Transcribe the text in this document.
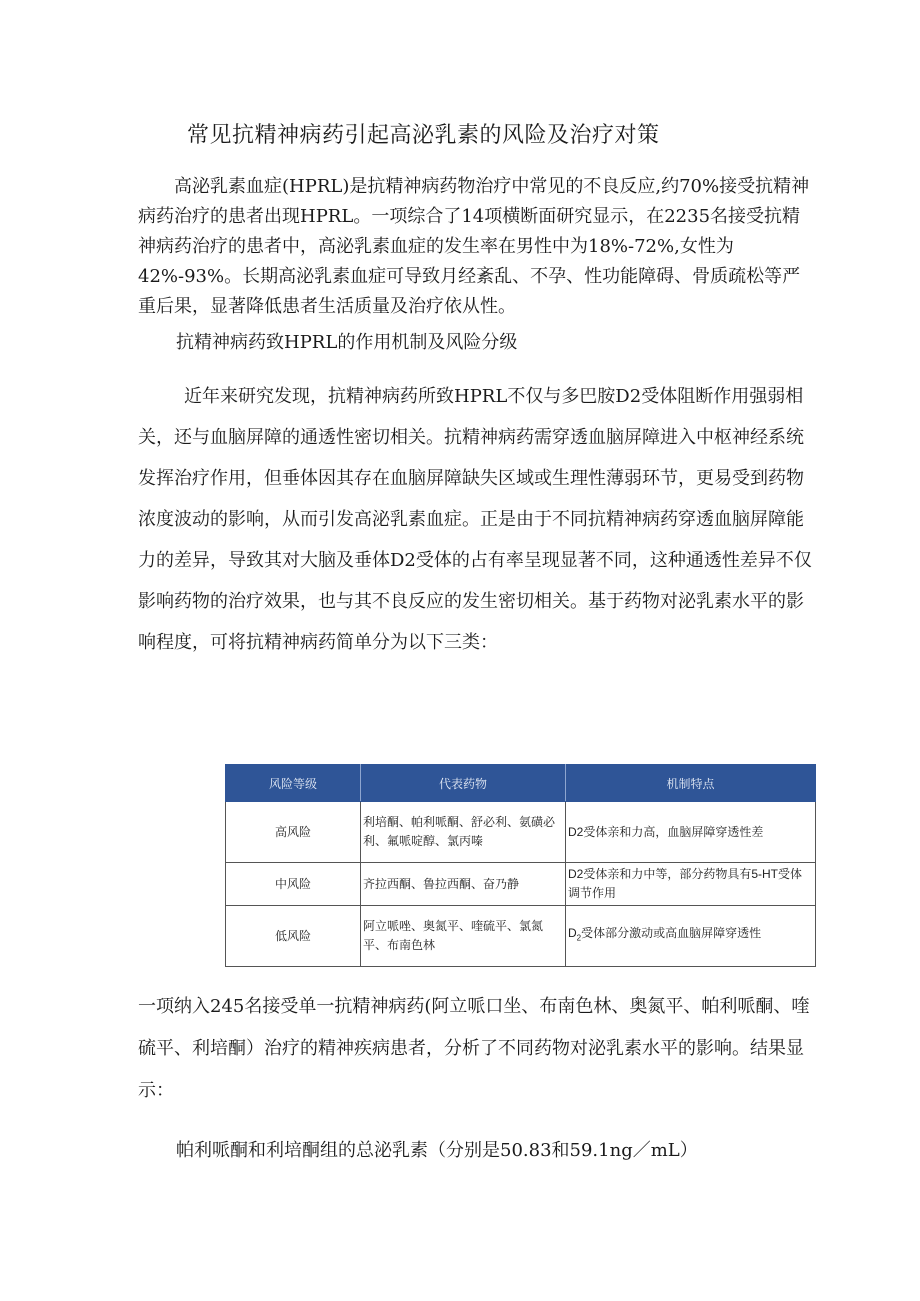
常见抗精神病药引起高泌乳素的风险及治疗对策
高泌乳素血症(HPRL)是抗精神病药物治疗中常见的不良反应,约70%接受抗精神病药治疗的患者出现HPRL。一项综合了14项横断面研究显示，在2235名接受抗精神病药治疗的患者中，高泌乳素血症的发生率在男性中为18%-72%,女性为42%-93%。长期高泌乳素血症可导致月经紊乱、不孕、性功能障碍、骨质疏松等严重后果，显著降低患者生活质量及治疗依从性。
抗精神病药致HPRL的作用机制及风险分级
近年来研究发现，抗精神病药所致HPRL不仅与多巴胺D2受体阻断作用强弱相关，还与血脑屏障的通透性密切相关。抗精神病药需穿透血脑屏障进入中枢神经系统发挥治疗作用，但垂体因其存在血脑屏障缺失区域或生理性薄弱环节，更易受到药物浓度波动的影响，从而引发高泌乳素血症。正是由于不同抗精神病药穿透血脑屏障能力的差异，导致其对大脑及垂体D2受体的占有率呈现显著不同，这种通透性差异不仅影响药物的治疗效果，也与其不良反应的发生密切相关。基于药物对泌乳素水平的影响程度，可将抗精神病药简单分为以下三类：
风险等级	代表药物	机制特点
高风险	利培酮、帕利哌酮、舒必利、氨磺必利、氟哌啶醇、氯丙嗪	D2受体亲和力高，血脑屏障穿透性差
中风险	齐拉西酮、鲁拉西酮、奋乃静	D2受体亲和力中等，部分药物具有5-HT受体调节作用
低风险	阿立哌唑、奥氮平、喹硫平、氯氮平、布南色林	$D_2$受体部分激动或高血脑屏障穿透性
一项纳入245名接受单一抗精神病药(阿立哌口坐、布南色林、奥氮平、帕利哌酮、喹硫平、利培酮）治疗的精神疾病患者，分析了不同药物对泌乳素水平的影响。结果显示：
帕利哌酮和利培酮组的总泌乳素（分别是50.83和59.1ng／mL）
